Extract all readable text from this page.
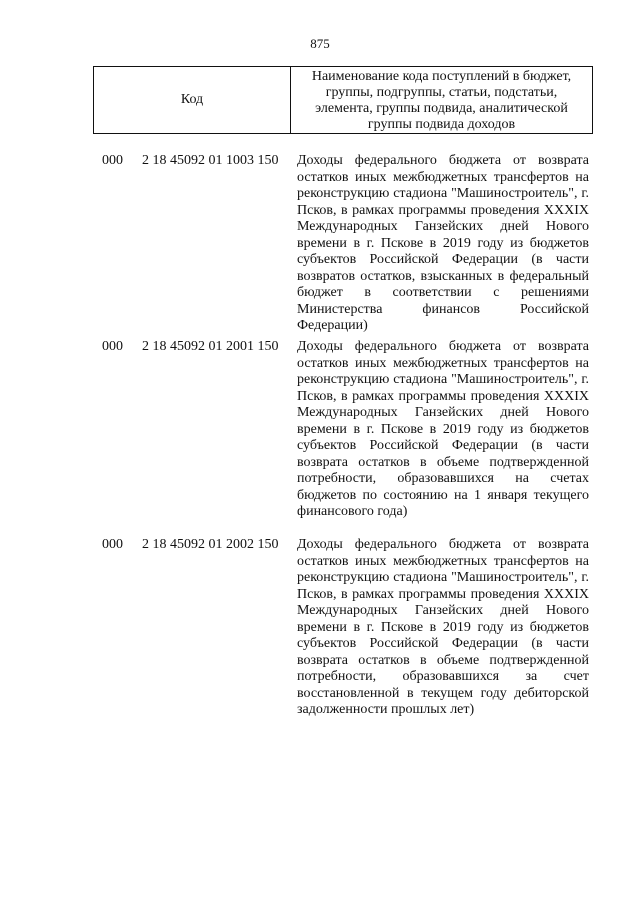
875
Код
Наименование кода поступлений в бюджет, группы, подгруппы, статьи, подстатьи, элемента, группы подвида, аналитической группы подвида доходов
000 2 18 45092 01 1003 150 Доходы федерального бюджета от возврата остатков иных межбюджетных трансфертов на реконструкцию стадиона "Машиностроитель", г. Псков, в рамках программы проведения XXXIX Международных Ганзейских дней Нового времени в г. Пскове в 2019 году из бюджетов субъектов Российской Федерации (в части возвратов остатков, взысканных в федеральный бюджет в соответствии с решениями Министерства финансов Российской Федерации)
000 2 18 45092 01 2001 150 Доходы федерального бюджета от возврата остатков иных межбюджетных трансфертов на реконструкцию стадиона "Машиностроитель", г. Псков, в рамках программы проведения XXXIX Международных Ганзейских дней Нового времени в г. Пскове в 2019 году из бюджетов субъектов Российской Федерации (в части возврата остатков в объеме подтвержденной потребности, образовавшихся на счетах бюджетов по состоянию на 1 января текущего финансового года)
000 2 18 45092 01 2002 150 Доходы федерального бюджета от возврата остатков иных межбюджетных трансфертов на реконструкцию стадиона "Машиностроитель", г. Псков, в рамках программы проведения XXXIX Международных Ганзейских дней Нового времени в г. Пскове в 2019 году из бюджетов субъектов Российской Федерации (в части возврата остатков в объеме подтвержденной потребности, образовавшихся за счет восстановленной в текущем году дебиторской задолженности прошлых лет)
